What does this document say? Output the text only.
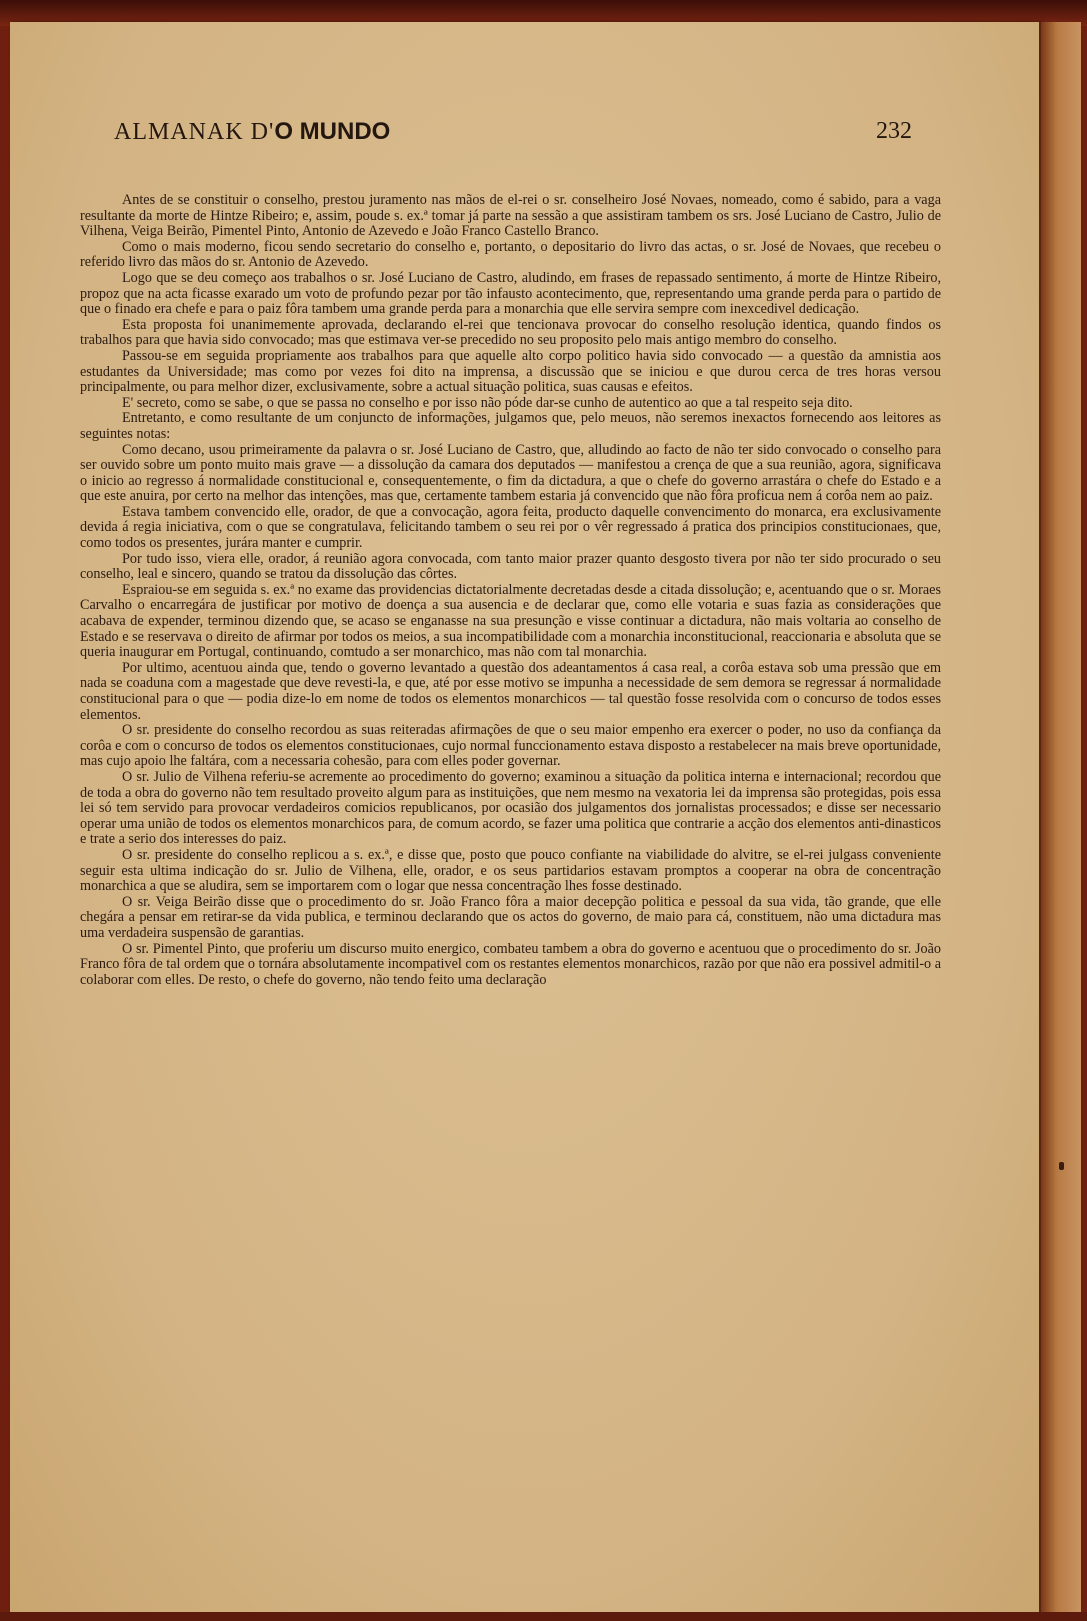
ALMANAK D'O MUNDO	232

Antes de se constituir o conselho, prestou juramento nas mãos de el-rei o sr. conselheiro José Novaes, nomeado, como é sabido, para a vaga resultante da morte de Hintze Ribeiro; e, assim, poude s. ex.ª tomar já parte na sessão a que assistiram tambem os srs. José Luciano de Castro, Julio de Vilhena, Veiga Beirão, Pimentel Pinto, Antonio de Azevedo e João Franco Castello Branco.

Como o mais moderno, ficou sendo secretario do conselho e, portanto, o depositario do livro das actas, o sr. José de Novaes, que recebeu o referido livro das mãos do sr. Antonio de Azevedo.

Logo que se deu começo aos trabalhos o sr. José Luciano de Castro, aludindo, em frases de repassado sentimento, á morte de Hintze Ribeiro, propoz que na acta ficasse exarado um voto de profundo pezar por tão infausto acontecimento, que, representando uma grande perda para o partido de que o finado era chefe e para o paiz fôra tambem uma grande perda para a monarchia que elle servira sempre com inexcedivel dedicação.

Esta proposta foi unanimemente aprovada, declarando el-rei que tencionava provocar do conselho resolução identica, quando findos os trabalhos para que havia sido convocado; mas que estimava ver-se precedido no seu proposito pelo mais antigo membro do conselho.

Passou-se em seguida propriamente aos trabalhos para que aquelle alto corpo politico havia sido convocado — a questão da amnistia aos estudantes da Universidade; mas como por vezes foi dito na imprensa, a discussão que se iniciou e que durou cerca de tres horas versou principalmente, ou para melhor dizer, exclusivamente, sobre a actual situação politica, suas causas e efeitos.

E' secreto, como se sabe, o que se passa no conselho e por isso não póde dar-se cunho de autentico ao que a tal respeito seja dito.

Entretanto, e como resultante de um conjuncto de informações, julgamos que, pelo meuos, não seremos inexactos fornecendo aos leitores as seguintes notas:

Como decano, usou primeiramente da palavra o sr. José Luciano de Castro, que, alludindo ao facto de não ter sido convocado o conselho para ser ouvido sobre um ponto muito mais grave — a dissolução da camara dos deputados — manifestou a crença de que a sua reunião, agora, significava o inicio ao regresso á normalidade constitucional e, consequentemente, o fim da dictadura, a que o chefe do governo arrastára o chefe do Estado e a que este anuira, por certo na melhor das intenções, mas que, certamente tambem estaria já convencido que não fôra proficua nem á corôa nem ao paiz.

Estava tambem convencido elle, orador, de que a convocação, agora feita, producto daquelle convencimento do monarca, era exclusivamente devida á regia iniciativa, com o que se congratulava, felicitando tambem o seu rei por o vêr regressado á pratica dos principios constitucionaes, que, como todos os presentes, jurára manter e cumprir.

Por tudo isso, viera elle, orador, á reunião agora convocada, com tanto maior prazer quanto desgosto tivera por não ter sido procurado o seu conselho, leal e sincero, quando se tratou da dissolução das côrtes.

Espraiou-se em seguida s. ex.ª no exame das providencias dictatorialmente decretadas desde a citada dissolução; e, acentuando que o sr. Moraes Carvalho o encarregára de justificar por motivo de doença a sua ausencia e de declarar que, como elle votaria e suas fazia as considerações que acabava de expender, terminou dizendo que, se acaso se enganasse na sua presunção e visse continuar a dictadura, não mais voltaria ao conselho de Estado e se reservava o direito de afirmar por todos os meios, a sua incompatibilidade com a monarchia inconstitucional, reaccionaria e absoluta que se queria inaugurar em Portugal, continuando, comtudo a ser monarchico, mas não com tal monarchia.

Por ultimo, acentuou ainda que, tendo o governo levantado a questão dos adeantamentos á casa real, a corôa estava sob uma pressão que em nada se coaduna com a magestade que deve revesti-la, e que, até por esse motivo se impunha a necessidade de sem demora se regressar á normalidade constitucional para o que — podia dize-lo em nome de todos os elementos monarchicos — tal questão fosse resolvida com o concurso de todos esses elementos.

O sr. presidente do conselho recordou as suas reiteradas afirmações de que o seu maior empenho era exercer o poder, no uso da confiança da corôa e com o concurso de todos os elementos constitucionaes, cujo normal funccionamento estava disposto a restabelecer na mais breve oportunidade, mas cujo apoio lhe faltára, com a necessaria cohesão, para com elles poder governar.

O sr. Julio de Vilhena referiu-se acremente ao procedimento do governo; examinou a situação da politica interna e internacional; recordou que de toda a obra do governo não tem resultado proveito algum para as instituições, que nem mesmo na vexatoria lei da imprensa são protegidas, pois essa lei só tem servido para provocar verdadeiros comicios republicanos, por ocasião dos julgamentos dos jornalistas processados; e disse ser necessario operar uma união de todos os elementos monarchicos para, de comum acordo, se fazer uma politica que contrarie a acção dos elementos anti-dinasticos e trate a serio dos interesses do paiz.

O sr. presidente do conselho replicou a s. ex.ª, e disse que, posto que pouco confiante na viabilidade do alvitre, se el-rei julgass conveniente seguir esta ultima indicação do sr. Julio de Vilhena, elle, orador, e os seus partidarios estavam promptos a cooperar na obra de concentração monarchica a que se aludira, sem se importarem com o logar que nessa concentração lhes fosse destinado.

O sr. Veiga Beirão disse que o procedimento do sr. João Franco fôra a maior decepção politica e pessoal da sua vida, tão grande, que elle chegára a pensar em retirar-se da vida publica, e terminou declarando que os actos do governo, de maio para cá, constituem, não uma dictadura mas uma verdadeira suspensão de garantias.

O sr. Pimentel Pinto, que proferiu um discurso muito energico, combateu tambem a obra do governo e acentuou que o procedimento do sr. João Franco fôra de tal ordem que o tornára absolutamente incompativel com os restantes elementos monarchicos, razão por que não era possivel admitil-o a colaborar com elles. De resto, o chefe do governo, não tendo feito uma declaração
